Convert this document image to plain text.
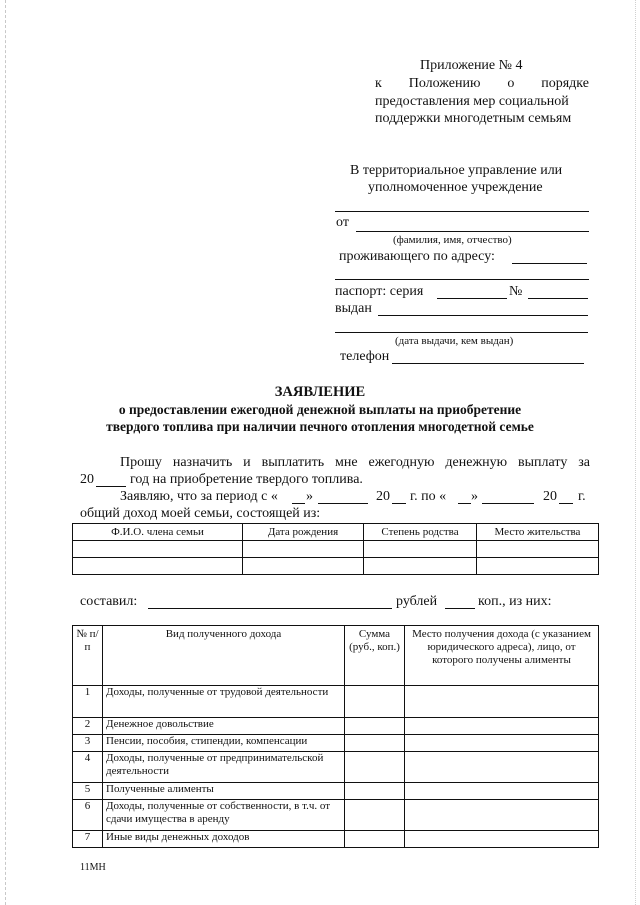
Приложение № 4
к Положению о порядке
предоставления мер социальной
поддержки многодетным семьям
В территориальное управление или
уполномоченное учреждение
от
(фамилия, имя, отчество)
проживающего по адресу:
паспорт: серия	№
выдан
(дата выдачи, кем выдан)
телефон
ЗАЯВЛЕНИЕ
о предоставлении ежегодной денежной выплаты на приобретение
твердого топлива при наличии печного отопления многодетной семье
Прошу назначить и выплатить мне ежегодную денежную выплату за
20	год на приобретение твердого топлива.
Заявляю, что за период с « »	20 г. по « »	20 г.
общий доход моей семьи, состоящей из:
Ф.И.О. члена семьи	Дата рождения	Степень родства	Место жительства

составил:	рублей	коп., из них:
№ п/п	Вид полученного дохода	Сумма (руб., коп.)	Место получения дохода (с указанием юридического адреса), лицо, от которого получены алименты
1	Доходы, полученные от трудовой деятельности		
2	Денежное довольствие		
3	Пенсии, пособия, стипендии, компенсации		
4	Доходы, полученные от предпринимательской деятельности		
5	Полученные алименты		
6	Доходы, полученные от собственности, в т.ч. от сдачи имущества в аренду		
7	Иные виды денежных доходов		
11МН
